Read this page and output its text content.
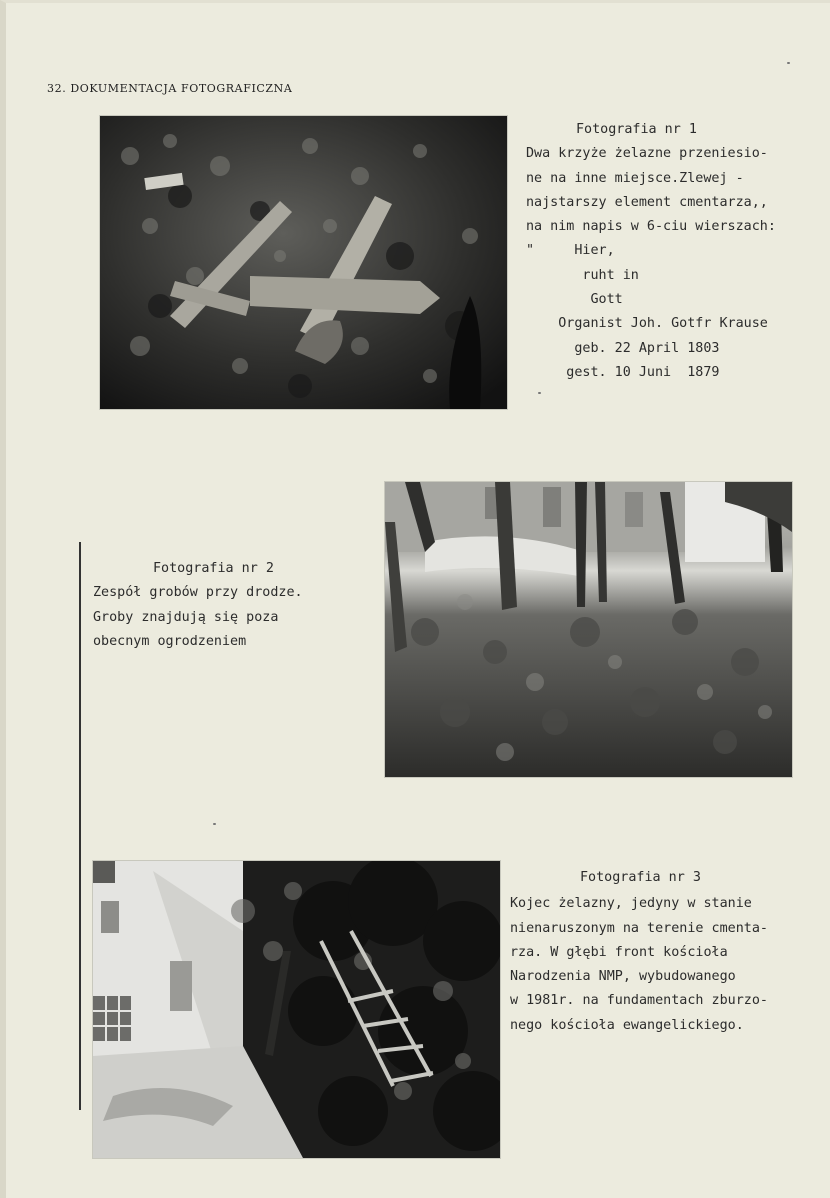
32. DOKUMENTACJA FOTOGRAFICZNA
Fotografia nr 1
Dwa krzyże żelazne przeniesio-
ne na inne miejsce.Zlewej -
najstarszy element cmentarza,,
na nim napis w 6-ciu wierszach:
"     Hier,
ruht in
Gott
Organist Joh. Gotfr Krause
geb. 22 April 1803
gest. 10 Juni  1879
Fotografia nr 2
Zespół grobów przy drodze.
Groby znajdują się poza
obecnym ogrodzeniem
Fotografia nr 3
Kojec żelazny, jedyny w stanie
nienaruszonym na terenie cmenta-
rza. W głębi front kościoła
Narodzenia NMP, wybudowanego
w 1981r. na fundamentach zburzo-
nego kościoła ewangelickiego.
